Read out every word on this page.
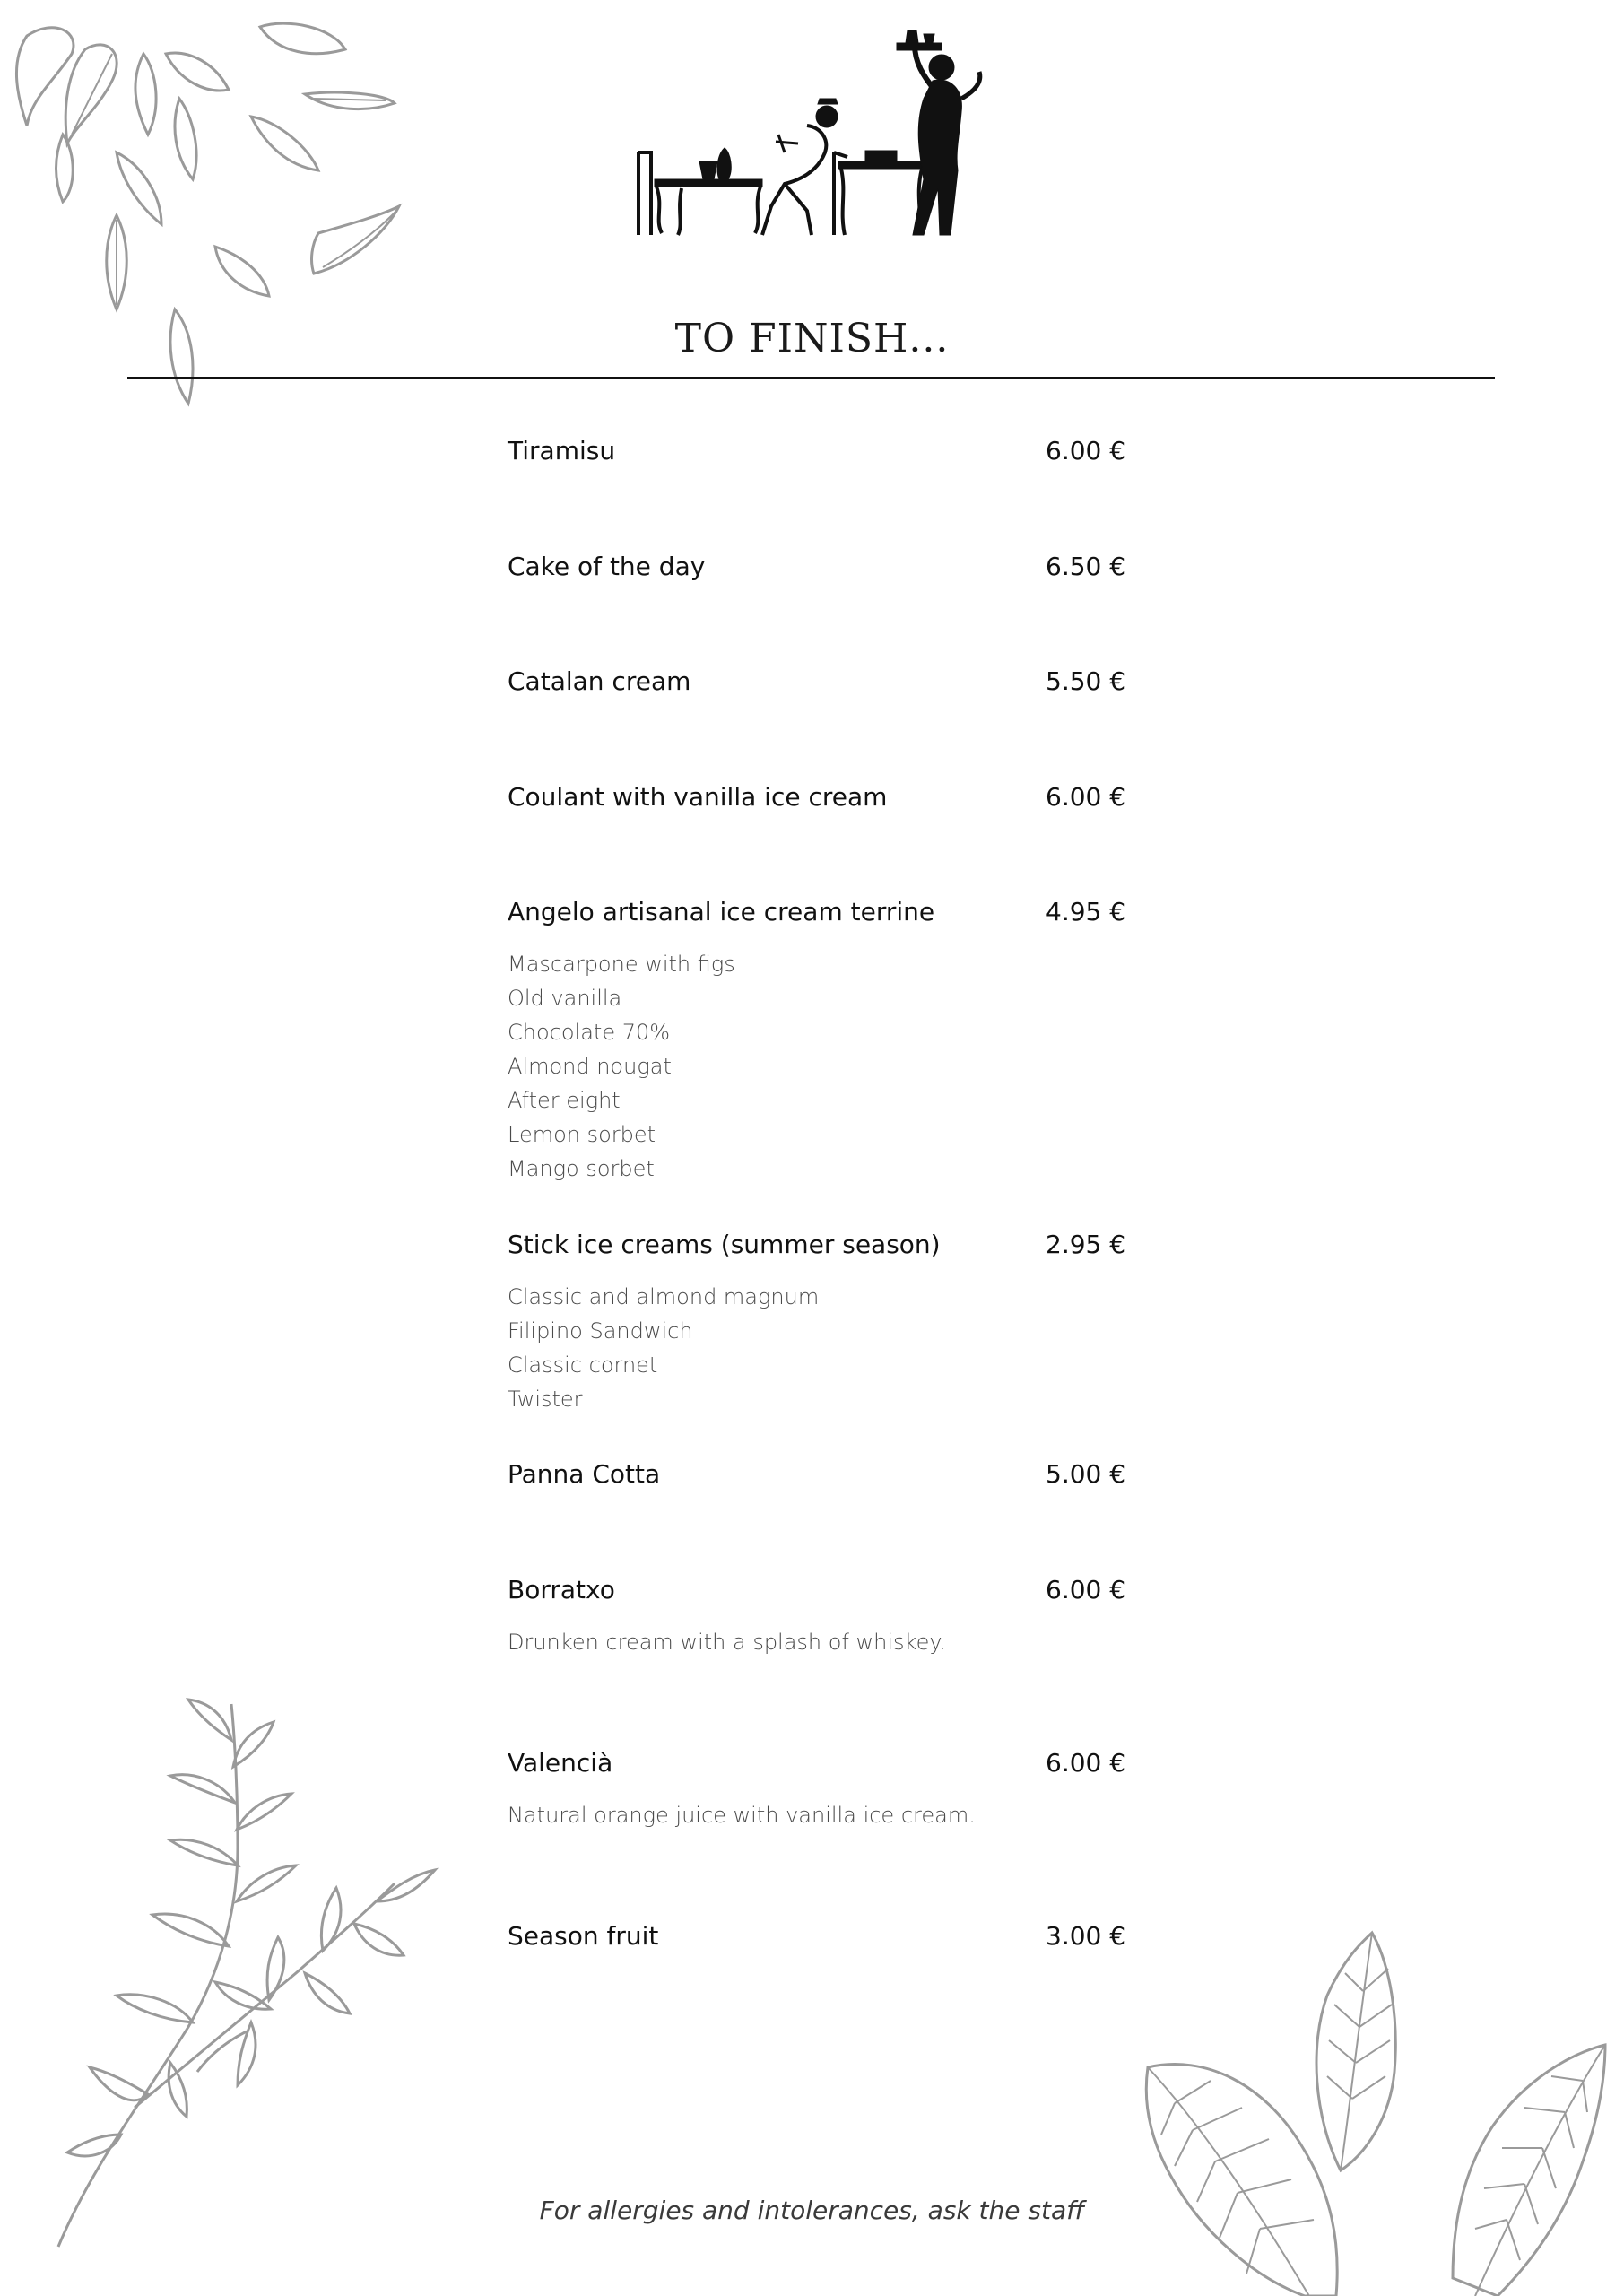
TO FINISH...
Tiramisu	6.00 €
Cake of the day	6.50 €
Catalan cream	5.50 €
Coulant with vanilla ice cream	6.00 €
Angelo artisanal ice cream terrine	4.95 €
Mascarpone with figs
Old vanilla
Chocolate 70%
Almond nougat
After eight
Lemon sorbet
Mango sorbet
Stick ice creams (summer season)	2.95 €
Classic and almond magnum
Filipino Sandwich
Classic cornet
Twister
Panna Cotta	5.00 €
Borratxo	6.00 €
Drunken cream with a splash of whiskey.
Valencià	6.00 €
Natural orange juice with vanilla ice cream.
Season fruit	3.00 €
For allergies and intolerances, ask the staff
